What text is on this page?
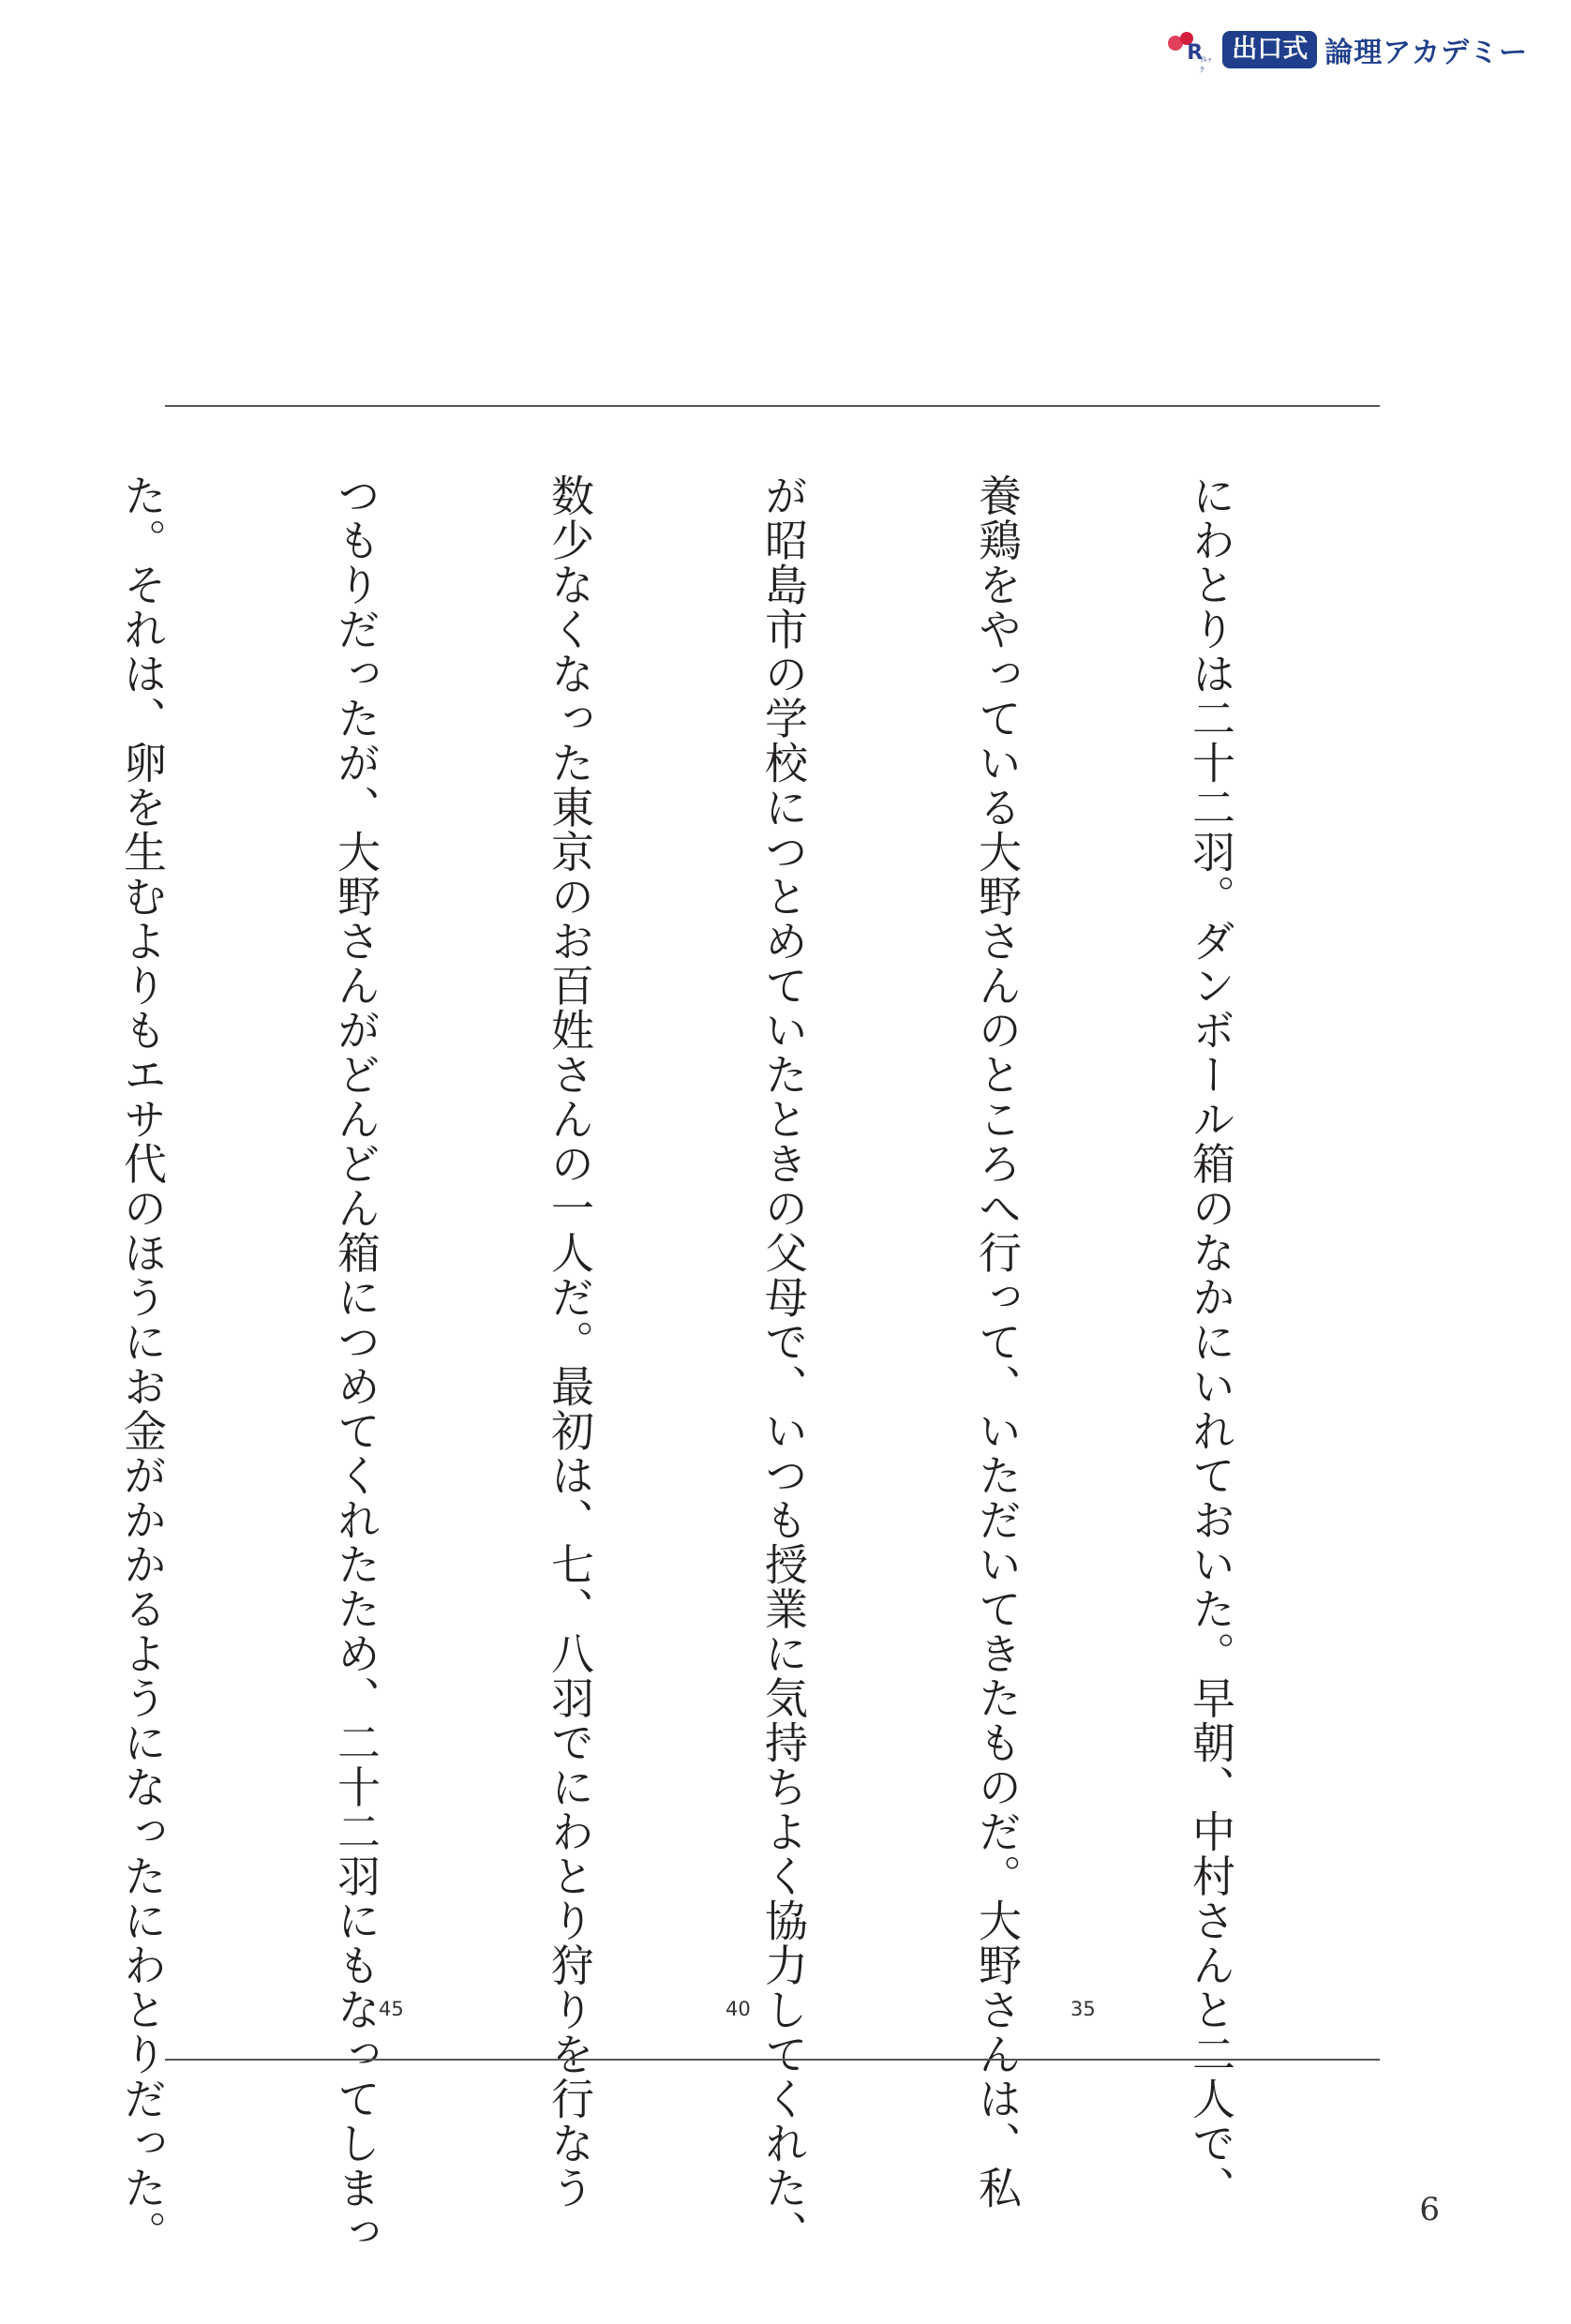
R
ﾘﾚｯｸ
出口式 論理アカデミー

にわとりは二十二羽。ダンボール箱のなかにいれておいた。早朝、中村さんと二人で、

養鶏をやっている大野さんのところへ行って、いただいてきたものだ。大野さんは、私

が昭島市の学校につとめていたときの父母で、いつも授業に気持ちよく協力してくれた、

数少なくなった東京のお百姓さんの一人だ。最初は、七、八羽でにわとり狩りを行なう

つもりだったが、大野さんがどんどん箱につめてくれたため、二十二羽にもなってしまっ

た。それは、卵を生むよりもエサ代のほうにお金がかかるようになったにわとりだった。

	35
40
45
6
